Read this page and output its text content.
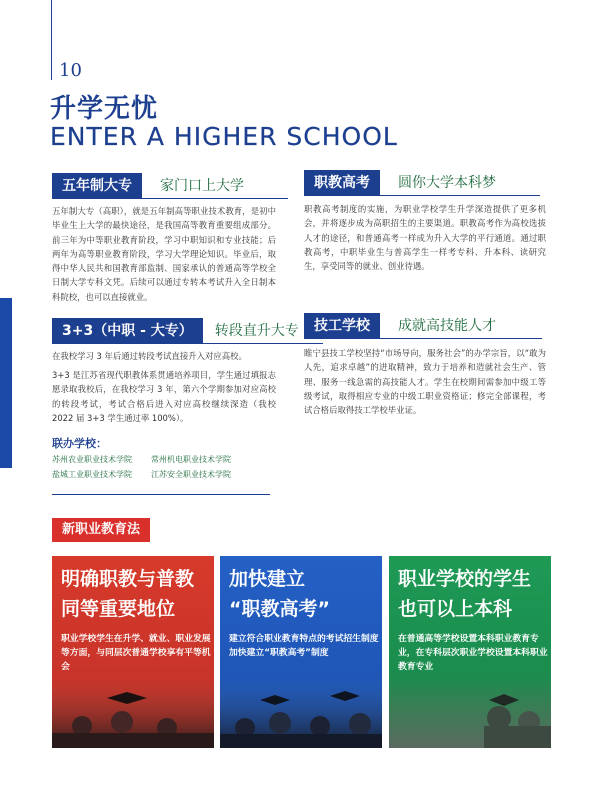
10
升学无忧
ENTER A HIGHER SCHOOL
五年制大专	家门口上大学
五年制大专（高职），就是五年制高等职业技术教育，是初中毕业生上大学的最快途径，是我国高等教育重要组成部分。前三年为中等职业教育阶段，学习中职知识和专业技能；后两年为高等职业教育阶段，学习大学理论知识。毕业后，取得中华人民共和国教育部监制、国家承认的普通高等学校全日制大学专科文凭。后续可以通过专转本考试升入全日制本科院校，也可以直接就业。
职教高考	圆你大学本科梦
职教高考制度的实施，为职业学校学生升学深造提供了更多机会，并将逐步成为高职招生的主要渠道。职教高考作为高校选拔人才的途径，和普通高考一样成为升入大学的平行通道。通过职教高考，中职毕业生与普高学生一样考专科、升本科、读研究生，享受同等的就业、创业待遇。
3+3（中职 - 大专）	转段直升大专
在我校学习 3 年后通过转段考试直接升入对应高校。
3+3 是江苏省现代职教体系贯通培养项目，学生通过填报志愿录取我校后，在我校学习 3 年，第六个学期参加对应高校的转段考试，考试合格后进入对应高校继续深造（我校 2022 届 3+3 学生通过率 100%）。
技工学校	成就高技能人才
睢宁县技工学校坚持“市场导向，服务社会”的办学宗旨，以“敢为人先，追求卓越”的进取精神，致力于培养和造就社会生产、管理、服务一线急需的高技能人才。学生在校期间需参加中级工等级考试，取得相应专业的中级工职业资格证；修完全部课程，考试合格后取得技工学校毕业证。
联办学校：
苏州农业职业技术学院 常州机电职业技术学院
盐城工业职业技术学院 江苏安全职业技术学院
新职业教育法
明确职教与普教
同等重要地位
职业学校学生在升学、就业、职业发展等方面，与同层次普通学校享有平等机会
加快建立
“职教高考”
建立符合职业教育特点的考试招生制度加快建立“职教高考”制度
职业学校的学生
也可以上本科
在普通高等学校设置本科职业教育专业，在专科层次职业学校设置本科职业教育专业
